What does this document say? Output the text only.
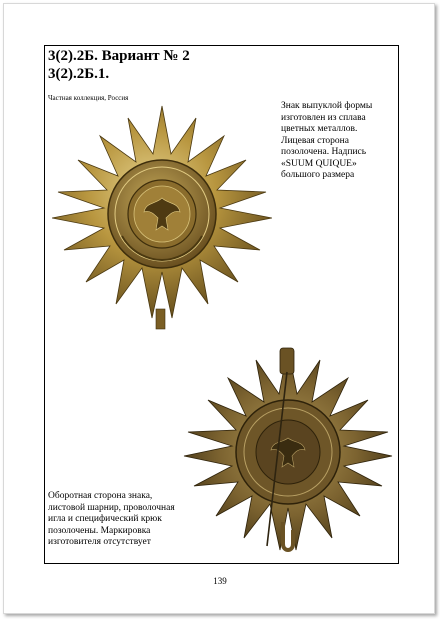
3(2).2Б. Вариант № 2
3(2).2Б.1.
Частная коллекция, Россия
Знак выпуклой формы изготовлен из сплава цветных металлов. Лицевая сторона позолочена. Надпись «SUUM QUIQUE» большого размера
Оборотная сторона знака, листовой шарнир, проволочная игла и специфический крюк позолочены. Маркировка изготовителя отсутствует
139
